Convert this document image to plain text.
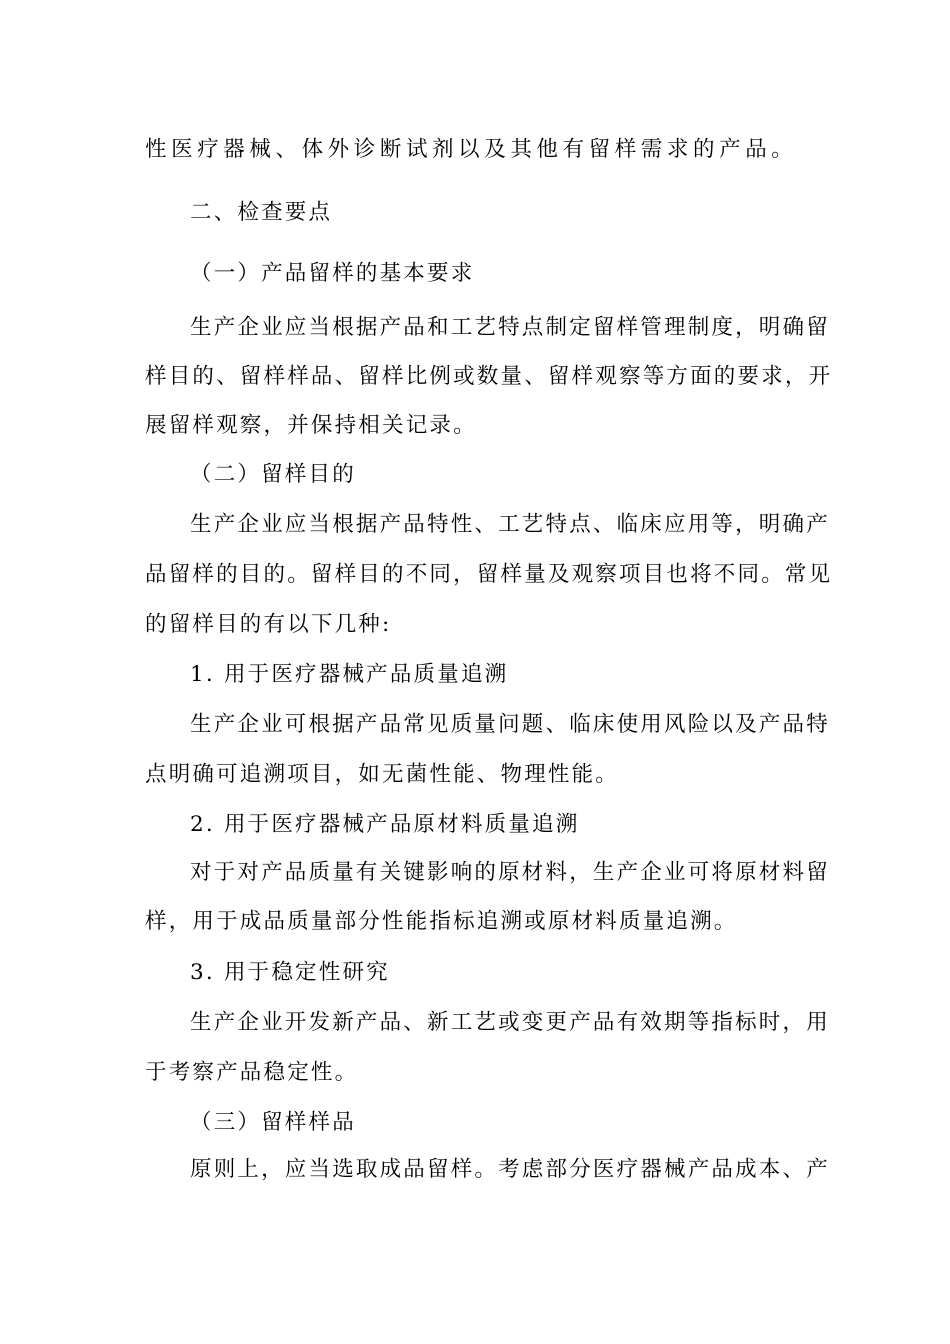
性医疗器械、体外诊断试剂以及其他有留样需求的产品。
二、检查要点
（一）产品留样的基本要求
生产企业应当根据产品和工艺特点制定留样管理制度，明确留
样目的、留样样品、留样比例或数量、留样观察等方面的要求，开
展留样观察，并保持相关记录。
（二）留样目的
生产企业应当根据产品特性、工艺特点、临床应用等，明确产
品留样的目的。留样目的不同，留样量及观察项目也将不同。常见
的留样目的有以下几种:
1. 用于医疗器械产品质量追溯
生产企业可根据产品常见质量问题、临床使用风险以及产品特
点明确可追溯项目，如无菌性能、物理性能。
2. 用于医疗器械产品原材料质量追溯
对于对产品质量有关键影响的原材料，生产企业可将原材料留
样，用于成品质量部分性能指标追溯或原材料质量追溯。
3. 用于稳定性研究
生产企业开发新产品、新工艺或变更产品有效期等指标时，用
于考察产品稳定性。
（三）留样样品
原则上，应当选取成品留样。考虑部分医疗器械产品成本、产
